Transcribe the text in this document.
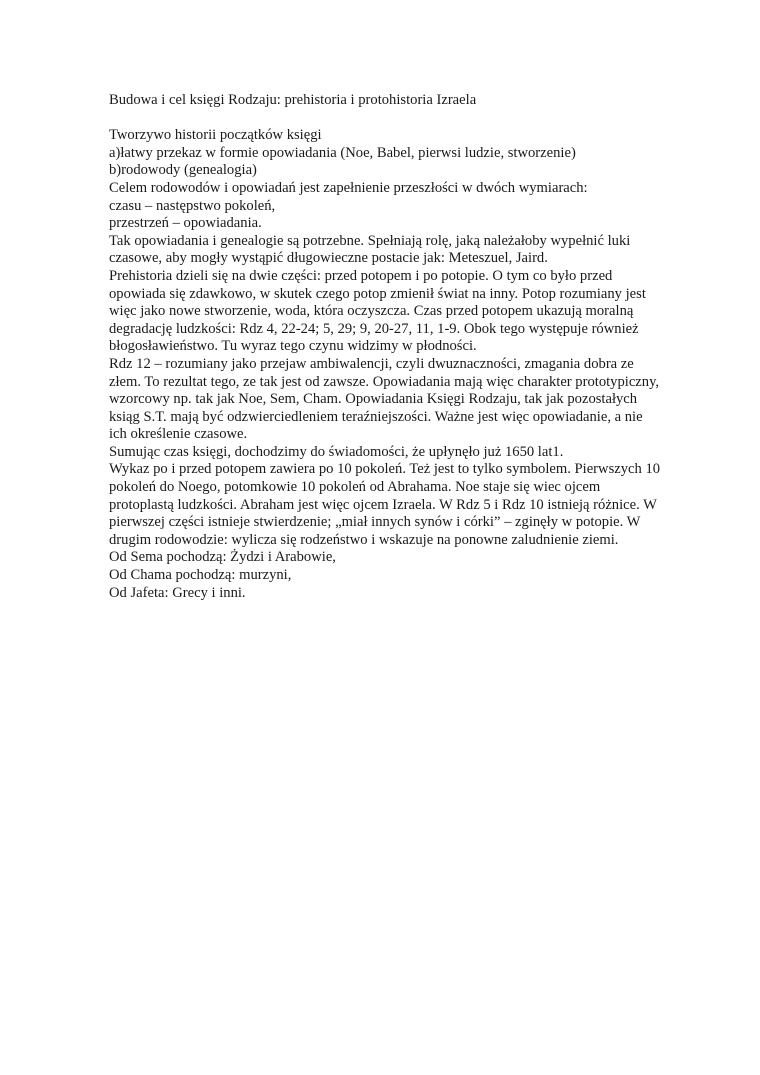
Budowa i cel księgi Rodzaju: prehistoria i protohistoria Izraela
Tworzywo historii początków księgi
a)łatwy przekaz w formie opowiadania (Noe, Babel, pierwsi ludzie, stworzenie)
b)rodowody (genealogia)
Celem rodowodów i opowiadań jest zapełnienie przeszłości w dwóch wymiarach:
czasu – następstwo pokoleń,
przestrzeń – opowiadania.
Tak opowiadania i genealogie są potrzebne. Spełniają rolę, jaką należałoby wypełnić luki
czasowe, aby mogły wystąpić długowieczne postacie jak: Meteszuel, Jaird.
Prehistoria dzieli się na dwie części: przed potopem i po potopie. O tym co było przed
opowiada się zdawkowo, w skutek czego potop zmienił świat na inny. Potop rozumiany jest
więc jako nowe stworzenie, woda, która oczyszcza. Czas przed potopem ukazują moralną
degradację ludzkości: Rdz 4, 22-24; 5, 29; 9, 20-27, 11, 1-9. Obok tego występuje również
błogosławieństwo. Tu wyraz tego czynu widzimy w płodności.
Rdz 12 – rozumiany jako przejaw ambiwalencji, czyli dwuznaczności, zmagania dobra ze
złem. To rezultat tego, ze tak jest od zawsze. Opowiadania mają więc charakter prototypiczny,
wzorcowy np. tak jak Noe, Sem, Cham. Opowiadania Księgi Rodzaju, tak jak pozostałych
ksiąg S.T. mają być odzwierciedleniem teraźniejszości. Ważne jest więc opowiadanie, a nie
ich określenie czasowe.
Sumując czas księgi, dochodzimy do świadomości, że upłynęło już 1650 lat1.
Wykaz po i przed potopem zawiera po 10 pokoleń. Też jest to tylko symbolem. Pierwszych 10
pokoleń do Noego, potomkowie 10 pokoleń od Abrahama. Noe staje się wiec ojcem
protoplastą ludzkości. Abraham jest więc ojcem Izraela. W Rdz 5 i Rdz 10 istnieją różnice. W
pierwszej części istnieje stwierdzenie; „miał innych synów i córki” – zginęły w potopie. W
drugim rodowodzie: wylicza się rodzeństwo i wskazuje na ponowne zaludnienie ziemi.
Od Sema pochodzą: Żydzi i Arabowie,
Od Chama pochodzą: murzyni,
Od Jafeta: Grecy i inni.
